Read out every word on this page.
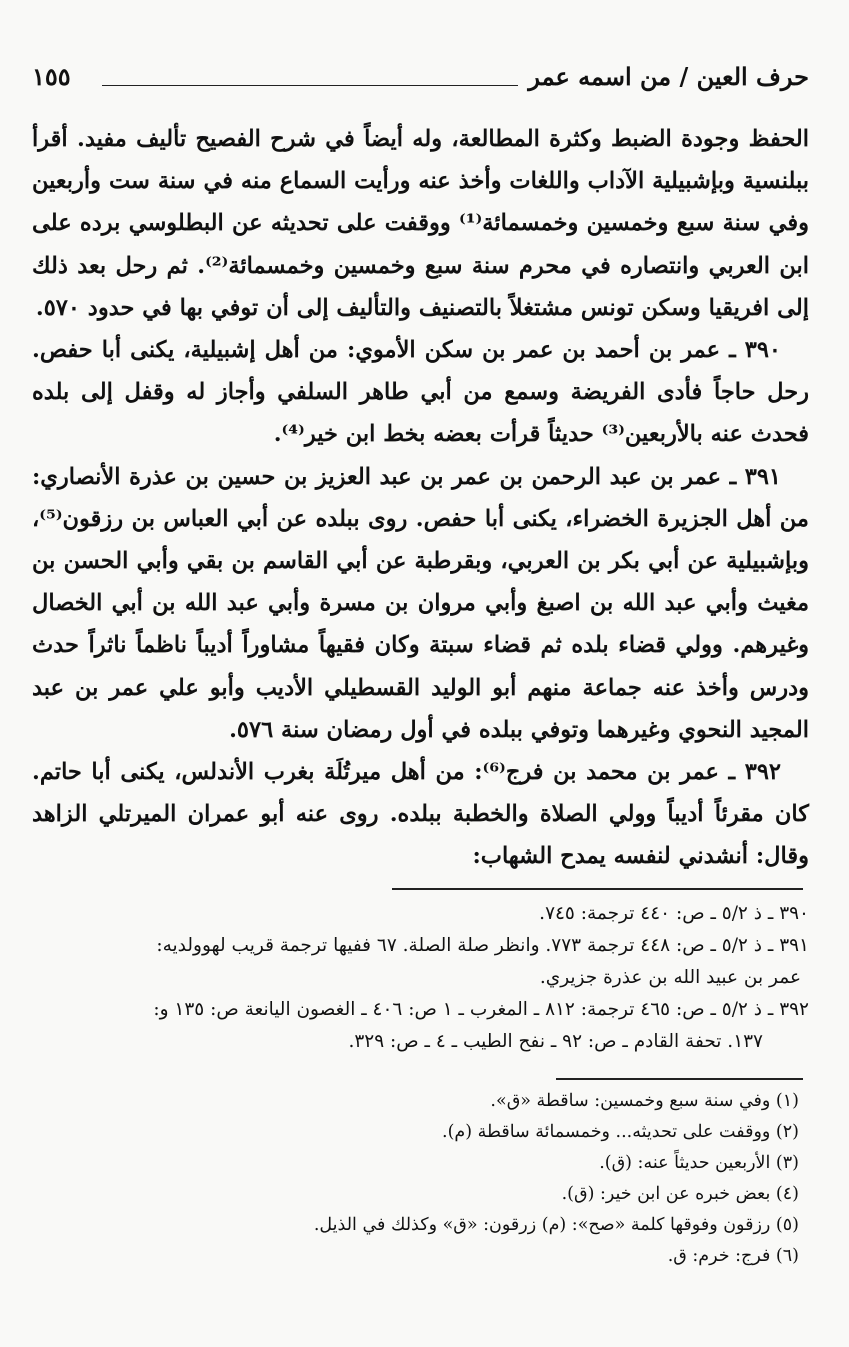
١٥٥	حرف العين / من اسمه عمر

الحفظ وجودة الضبط وكثرة المطالعة، وله أيضاً في شرح الفصيح تأليف مفيد. أقرأ ببلنسية وبإشبيلية الآداب واللغات وأخذ عنه ورأيت السماع منه في سنة ست وأربعين وفي سنة سبع وخمسين وخمسمائة⁽¹⁾ ووقفت على تحديثه عن البطلوسي برده على ابن العربي وانتصاره في محرم سنة سبع وخمسين وخمسمائة⁽²⁾. ثم رحل بعد ذلك إلى افريقيا وسكن تونس مشتغلاً بالتصنيف والتأليف إلى أن توفي بها في حدود ٥٧٠.

٣٩٠ ـ عمر بن أحمد بن عمر بن سكن الأموي: من أهل إشبيلية، يكنى أبا حفص. رحل حاجاً فأدى الفريضة وسمع من أبي طاهر السلفي وأجاز له وقفل إلى بلده فحدث عنه بالأربعين⁽³⁾ حديثاً قرأت بعضه بخط ابن خير⁽⁴⁾.

٣٩١ ـ عمر بن عبد الرحمن بن عمر بن عبد العزيز بن حسين بن عذرة الأنصاري: من أهل الجزيرة الخضراء، يكنى أبا حفص. روى ببلده عن أبي العباس بن رزقون⁽⁵⁾، وبإشبيلية عن أبي بكر بن العربي، وبقرطبة عن أبي القاسم بن بقي وأبي الحسن بن مغيث وأبي عبد الله بن اصبغ وأبي مروان بن مسرة وأبي عبد الله بن أبي الخصال وغيرهم. وولي قضاء بلده ثم قضاء سبتة وكان فقيهاً مشاوراً أديباً ناظماً ناثراً حدث ودرس وأخذ عنه جماعة منهم أبو الوليد القسطيلي الأديب وأبو علي عمر بن عبد المجيد النحوي وغيرهما وتوفي ببلده في أول رمضان سنة ٥٧٦.

٣٩٢ ـ عمر بن محمد بن فرج⁽⁶⁾: من أهل ميرتُلَة بغرب الأندلس، يكنى أبا حاتم. كان مقرئاً أديباً وولي الصلاة والخطبة ببلده. روى عنه أبو عمران الميرتلي الزاهد وقال: أنشدني لنفسه يمدح الشهاب:

٣٩٠ ـ ذ ٥/٢ ـ ص: ٤٤٠ ترجمة: ٧٤٥.

٣٩١ ـ ذ ٥/٢ ـ ص: ٤٤٨ ترجمة ٧٧٣. وانظر صلة الصلة. ٦٧ ففيها ترجمة قريب لهوولديه:

عمر بن عبيد الله بن عذرة جزيري.

٣٩٢ ـ ذ ٥/٢ ـ ص: ٤٦٥ ترجمة: ٨١٢ ـ المغرب ـ ١ ص: ٤٠٦ ـ الغصون اليانعة ص: ١٣٥ و:

١٣٧. تحفة القادم ـ ص: ٩٢ ـ نفح الطيب ـ ٤ ـ ص: ٣٢٩.

(١) وفي سنة سبع وخمسين: ساقطة «ق».

(٢) ووقفت على تحديثه... وخمسمائة ساقطة (م).

(٣) الأربعين حديثاً عنه: (ق).

(٤) بعض خبره عن ابن خير: (ق).

(٥) رزقون وفوقها كلمة «صح»: (م) زرقون: «ق» وكذلك في الذيل.

(٦) فرج: خرم: ق.
